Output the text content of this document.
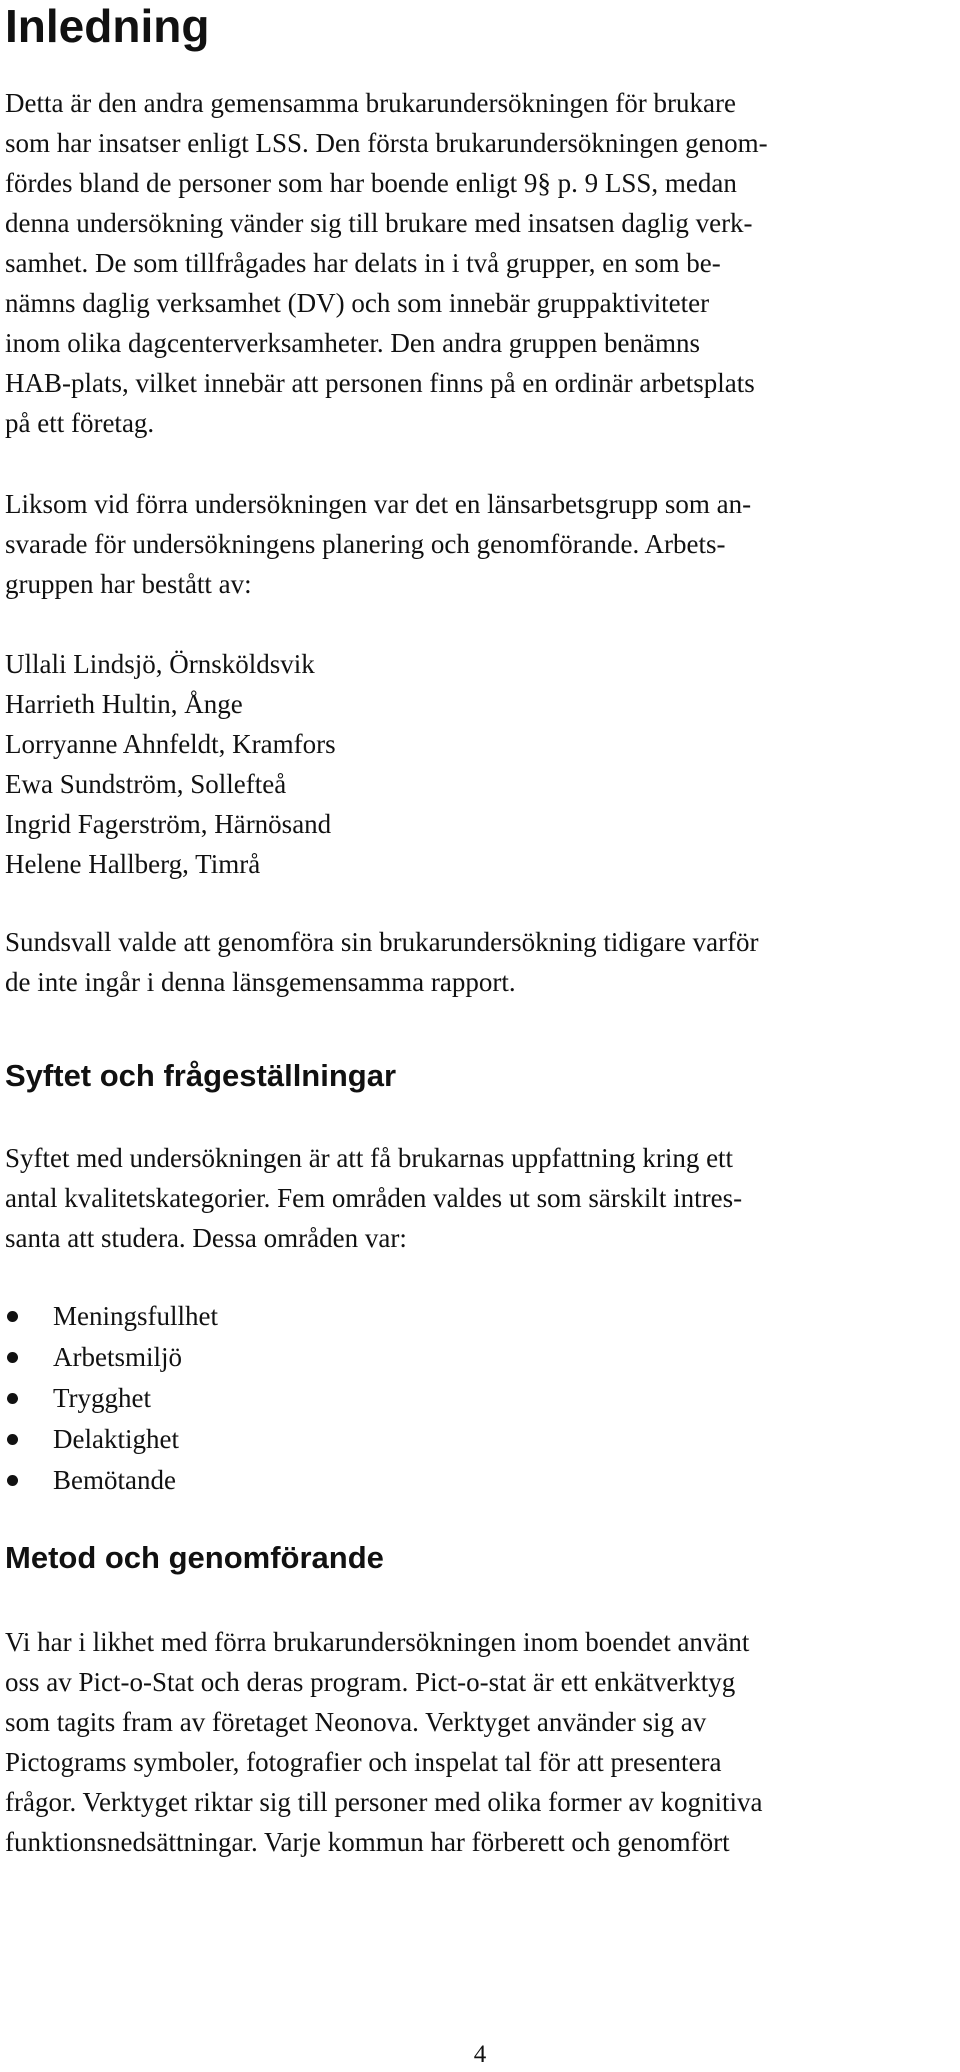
Inledning

Detta är den andra gemensamma brukarundersökningen för brukare
som har insatser enligt LSS. Den första brukarundersökningen genom-
fördes bland de personer som har boende enligt 9§ p. 9 LSS, medan
denna undersökning vänder sig till brukare med insatsen daglig verk-
samhet. De som tillfrågades har delats in i två grupper, en som be-
nämns daglig verksamhet (DV) och som innebär gruppaktiviteter
inom olika dagcenterverksamheter. Den andra gruppen benämns
HAB-plats, vilket innebär att personen finns på en ordinär arbetsplats
på ett företag.

Liksom vid förra undersökningen var det en länsarbetsgrupp som an-
svarade för undersökningens planering och genomförande. Arbets-
gruppen har bestått av:

Ullali Lindsjö, Örnsköldsvik
Harrieth Hultin, Ånge
Lorryanne Ahnfeldt, Kramfors
Ewa Sundström, Sollefteå
Ingrid Fagerström, Härnösand
Helene Hallberg, Timrå

Sundsvall valde att genomföra sin brukarundersökning tidigare varför
de inte ingår i denna länsgemensamma rapport.

Syftet och frågeställningar

Syftet med undersökningen är att få brukarnas uppfattning kring ett
antal kvalitetskategorier. Fem områden valdes ut som särskilt intres-
santa att studera. Dessa områden var:

Meningsfullhet
Arbetsmiljö
Trygghet
Delaktighet
Bemötande
Metod och genomförande

Vi har i likhet med förra brukarundersökningen inom boendet använt
oss av Pict-o-Stat och deras program. Pict-o-stat är ett enkätverktyg
som tagits fram av företaget Neonova. Verktyget använder sig av
Pictograms symboler, fotografier och inspelat tal för att presentera
frågor. Verktyget riktar sig till personer med olika former av kognitiva
funktionsnedsättningar. Varje kommun har förberett och genomfört

4
